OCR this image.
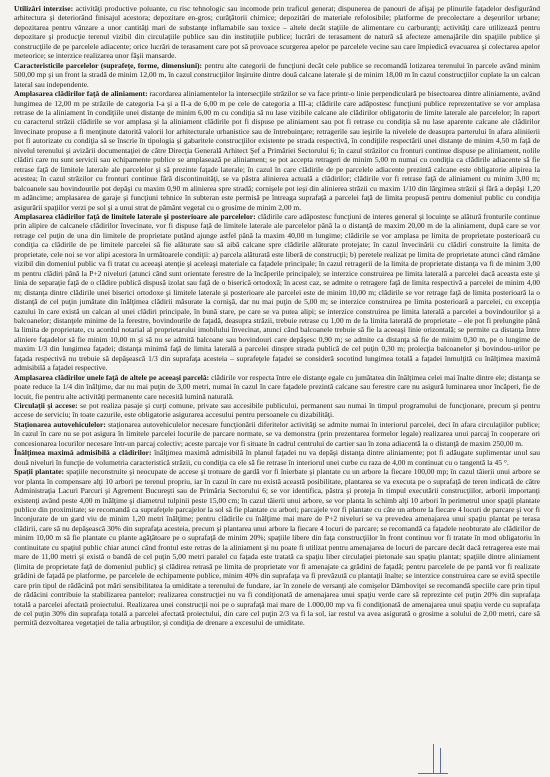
Utilizări interzise: activităţi productive poluante, cu risc tehnologic sau incomode prin traficul generat; dispunerea de panouri de afişaj pe plinurile faţadelor desfigurând arhitectura şi deteriorând finisajul acestora; depozitare en-gros; curăţătorii chimice; depozitări de materiale refolosibile; platforme de precolectare a deşeurilor urbane; depozitarea pentru vânzare a unor cantităţi mari de substanţe inflamabile sau toxice – altele decât staţiile de alimentare cu carburanţi; activităţi care utilizează pentru depozitare şi producţie terenul vizibil din circulaţiile publice sau din instituţiile publice; lucrări de terasament de natură să afecteze amenajările din spaţiile publice şi construcţiile de pe parcelele adiacente; orice lucrări de terasament care pot să provoace scurgerea apelor pe parcelele vecine sau care împiedică evacuarea şi colectarea apelor meteorice; se interzice realizarea unor fâşii mansarde.

Caracteristicile parcelelor (suprafeţe, forme, dimensiuni): pentru alte categorii de funcţiuni decât cele publice se recomandă lotizarea terenului în parcele având minim 500,00 mp şi un front la stradă de minim 12,00 m, în cazul construcţiilor înşiruite dintre două calcane laterale şi de minim 18,00 m în cazul construcţiilor cuplate la un calcan lateral sau independente.

Amplasarea clădirilor faţă de aliniament: racordarea aliniamentelor la intersecţiile străzilor se va face printr-o linie perpendiculară pe bisectoarea dintre aliniamente, având lungimea de 12,00 m pe străzile de categoria I-a şi a II-a de 6,00 m pe cele de categoria a III-a; clădirile care adăpostesc funcţiuni publice reprezentative se vor amplasa retrase de la aliniament în condiţiile unei distanţe de minim 6,00 m cu condiţia să nu lase vizibile calcane ale clădirilor obligatoriu de limite laterale ale parcelelor; în raport cu caracterul străzii clădirile se vor amplasa şi la aliniament clădirile pot fi dispuse pe aliniament sau pot fi retrase cu condiţia să nu lase aparente calcane ale clădirilor învecinate propuse a fi menţinute datorită valorii lor arhitecturale urbanistice sau de întrebuinţare; retragerile sau ieşirile la nivelele de deasupra parterului în afara aliniierii pot fi autorizate cu condiţia să se înscrie în tipologia şi gabaritele construcţiilor existente pe strada respectivă, în condiţiile respectării unei distanţe de minim 4,50 m faţă de nivelul terenului şi avizării documentaţiei de către Direcţia Generală Arhitect Şef a Primăriei Sectorului 6; în cazul străzilor cu fronturi continue dispuse pe aliniament, nolile clădiri care nu sunt servicii sau echipamente publice se amplasează pe aliniament; se pot accepta retrageri de minim 5,00 m numai cu condiţia ca clădirile adiacente să fie retrase faţă de limitele laterale ale parcelelor şi să prezinte faţade laterale; în cazul în care clădirile de pe parcelele adiacente prezintă calcane este obligatorie alipirea la acestea; în cazul străzilor cu fronturi continue fără discontinuităţi, se va păstra alinierea actuală a clădirilor; clădirile vor fi retrase faţă de aliniament cu minim 3,00 m; balcoanele sau bovindourile pot depăşi cu maxim 0,90 m alinierea spre stradă; cornişele pot ieşi din alinierea străzii cu maxim 1/10 din lărgimea străzii şi fără a depăşi 1,20 m adâncime; amplasarea de garaje şi funcţiuni tehnice în subteran este permisă pe întreaga suprafaţă a parcelei faţă de limita propusă pentru domeniul public cu condiţia asigurării spaţiilor verzi pe sol şi a unui strat de pământ vegetal cu o grosime de minim 2,00 m.

Amplasarea clădirilor faţă de limitele laterale şi posterioare ale parcelelor: clădirile care adăpostesc funcţiuni de interes general şi locuinţe se alătură fronturile continue prin alipire de calcanele clădirilor învecinate, vor fi dispuse faţă de limitele laterale ale parcelelor până la o distanţă de maxim 20,00 m de la aliniament, după care se vor retrage cel puţin de una din limitele de proprietate putând ajunge astfel până la maxim 40,00 m lungime; clădirile se vor amplasa pe limita de proprietate posterioară cu condiţia ca clădirile de pe limitele parcelei să fie alăturate sau să aibă calcane spre clădirile alăturate protejate; în cazul învecinării cu clădiri construite la limita de proprietate, cele noi se vor alipi acestora în următoarele condiţii: a) parcela alăturată este liberă de construcţii; b) peretele realizat pe limita de proprietate atunci când rămâne vizibil din domeniul public va fi tratat cu aceeaşi atenţie şi aceleaşi materiale ca faţadele principale; în cazul retragerii de la limita de proprietate distanţa va fi de minim 3,00 m pentru clădiri până la P+2 niveluri (atunci când sunt orientate ferestre de la încăperile principale); se interzice construirea pe limita laterală a parcelei dacă aceasta este şi linia de separaţie faţă de o clădire publică dispusă izolat sau faţă de o biserică ortodoxă; în acest caz, se admite o retragere faţă de limita respectivă a parcelei de minim 4,00 m; distanţa dintre clădirile unei biserici ortodoxe şi limitele laterale şi posterioare ale parcelei este de minim 10,00 m; clădirile se vor retrage faţă de limita posterioară la o distanţă de cel puţin jumătate din înălţimea clădirii măsurate la cornişă, dar nu mai puţin de 5,00 m; se interzice construirea pe limita posterioară a parcelei, cu excepţia cazului în care există un calcan al unei clădiri principale, în bună stare, pe care se va putea alipi; se interzice construirea pe limita laterală a parcelei a bovindourilor şi a balcoanelor; distanţele minime de la ferestre, bovindourile de faţadă, deasupra străzii, trebuie retrase cu 1,00 m de la limita laterală de proprietate – ele pot fi prelungite până la limita de proprietate, cu acordul notarial al proprietarului imobilului învecinat, atunci când balcoanele trebuie să fie la aceeaşi linie orizontală; se permite ca distanţa între aliniere faţadelor să fie minim 10,00 m și să nu se admită balcoane sau bovindouri care depăşesc 0,90 m; se admite ca distanţa să fie de minim 0,30 m, pe o lungime de maxim 1/3 din lungimea faţadei; distanţa minimă faţă de limita laterală a parcelei dinspre strada publică de cel puţin 0,30 m; proiecţia balcoanelor şi bovindou-urilor pe faţada respectivă nu trebuie să depăşească 1/3 din suprafaţa acesteia – suprafeţele faţadei se consideră socotind lungimea totală a faţadei înmulţită cu înălţimea maximă admisibilă a faţadei respective.

Amplasarea clădirilor unele faţă de altele pe aceeaşi parcelă: clădirile vor respecta între ele distanţe egale cu jumătatea din înălţimea celei mai înalte dintre ele; distanţa se poate reduce la 1/4 din înălţime, dar nu mai puţin de 3,00 metri, numai în cazul în care faţadele prezintă calcane sau ferestre care nu asigură luminarea unor încăperi, fie de locuit, fie pentru alte activităţi permanente care necesită lumină naturală.

Circulaţii şi accese: se pot realiza pasaje şi curţi comune, private sau accesibile publicului, permanent sau numai în timpul programului de funcţionare, precum şi pentru accese de serviciu; în toate cazurile, este obligatorie asigurarea accesului pentru persoanele cu dizabilităţi.

Staţionarea autovehiculelor: staţionarea autovehiculelor necesare funcţionării diferitelor activităţi se admite numai în interiorul parcelei, deci în afara circulaţiilor publice; în cazul în care nu se pot asigura în limitele parcelei locurile de parcare normate, se va demonstra (prin prezentarea formelor legale) realizarea unui parcaj în cooperare ori concesionarea locurilor necesare într-un parcaj colectiv; aceste parcaje vor fi situate în cadrul centrului de cartier sau în zona adiacentă la o distanţă de maxim 250,00 m.

Înălţimea maximă admisibilă a clădirilor: înălţimea maximă admisibilă în planul faţadei nu va depăşi distanţa dintre aliniamente; pot fi adăugate suplimentar unul sau două niveluri în funcţie de volumetria caracteristică străzii, cu condiţia ca ele să fie retrase în interiorul unei curbe cu raza de 4,00 m continuat cu o tangentă la 45 °.

Spaţii plantate: spaţiile neconstruite şi neocupate de accese şi trotuare de gardă vor fi înierbate şi plantate cu un arbore la fiecare 100,00 mp; în cazul tăierii unui arbore se vor planta în compensare alţi 10 arbori pe terenul propriu, iar în cazul în care nu există această posibilitate, plantarea se va executa pe o suprafaţă de teren indicată de către Administraţia Lacuri Parcuri şi Agrement Bucureşti sau de Primăria Sectorului 6; se vor identifica, păstra şi proteja în timpul executării construcţiilor, arborii importanţi existenţi având peste 4,00 m înălţime şi diametrul tulpinii peste 15,00 cm; în cazul tăierii unui arbore, se vor planta în schimb alţi 10 arbori în perimetrul unor spaţii plantate publice din proximitate; se recomandă ca suprafeţele parcajelor la sol să fie plantate cu arbori; parcajele vor fi plantate cu câte un arbore la fiecare 4 locuri de parcare şi vor fi înconjurate de un gard viu de minim 1,20 metri înălţime; pentru clădirile cu înălţime mai mare de P+2 niveluri se va prevedea amenajarea unui spaţiu plantat pe terasa clădirii, care să nu depăşească 30% din suprafaţa acesteia, precum şi plantarea unui arbore la fiecare 4 locuri de parcare; se recomandă ca faţadele neobturate ale clădirilor de minim 10,00 m să fie plantate cu plante agăţătoare pe o suprafaţă de minim 20%; spaţiile libere din faţa construcţiilor în front continuu vor fi tratate în mod obligatoriu în continuitate cu spaţiul public chiar atunci când frontul este retras de la aliniament şi nu poate fi utilizat pentru amenajarea de locuri de parcare decât dacă retragerea este mai mare de 11,00 metri şi există o bandă de cel puţin 5,00 metri paralel cu faţada este tratată ca spaţiu liber circulaţiei pietonale sau spaţiu plantat; spaţiile dintre aliniament (limita de proprietate faţă de domeniul public) şi clădirea retrasă pe limita de proprietate vor fi amenajate ca grădini de faţadă; pentru parcelele de pe pantă vor fi realizate grădini de faţadă pe platforme, pe parcelele de echipamente publice, minim 40% din suprafaţa va fi prevăzută cu plantaţii înalte; se interzice construirea care se evită spectile care prin tipul de rădăcină pot mări sensibilitatea la umiditate a terenului de fundare, iar în zonele de versanţi ale comişelor Dâmboviţei se recomandă speciile care prin tipul de rădăcini contribuie la stabilizarea pantelor; realizarea construcţiei nu va fi condiţionată de amenajarea unui spaţiu verde care să reprezinte cel puţin 20% din suprafaţa totală a parcelei afectată proiectului. Realizarea unei construcţii noi pe o suprafaţă mai mare de 1.000,00 mp va fi condiţionată de amenajarea unui spaţiu verde cu suprafaţa de cel puţin 30% din suprafaţa totală a parcelei afectată proiectului, din care cel puţin 2/3 va fi la sol, iar restul va avea asigurată o grosime a solului de 2,00 metri, care să permită dezvoltarea vegetaţiei de talia arbuştilor, şi condiţia de drenare a excesului de umiditate.
